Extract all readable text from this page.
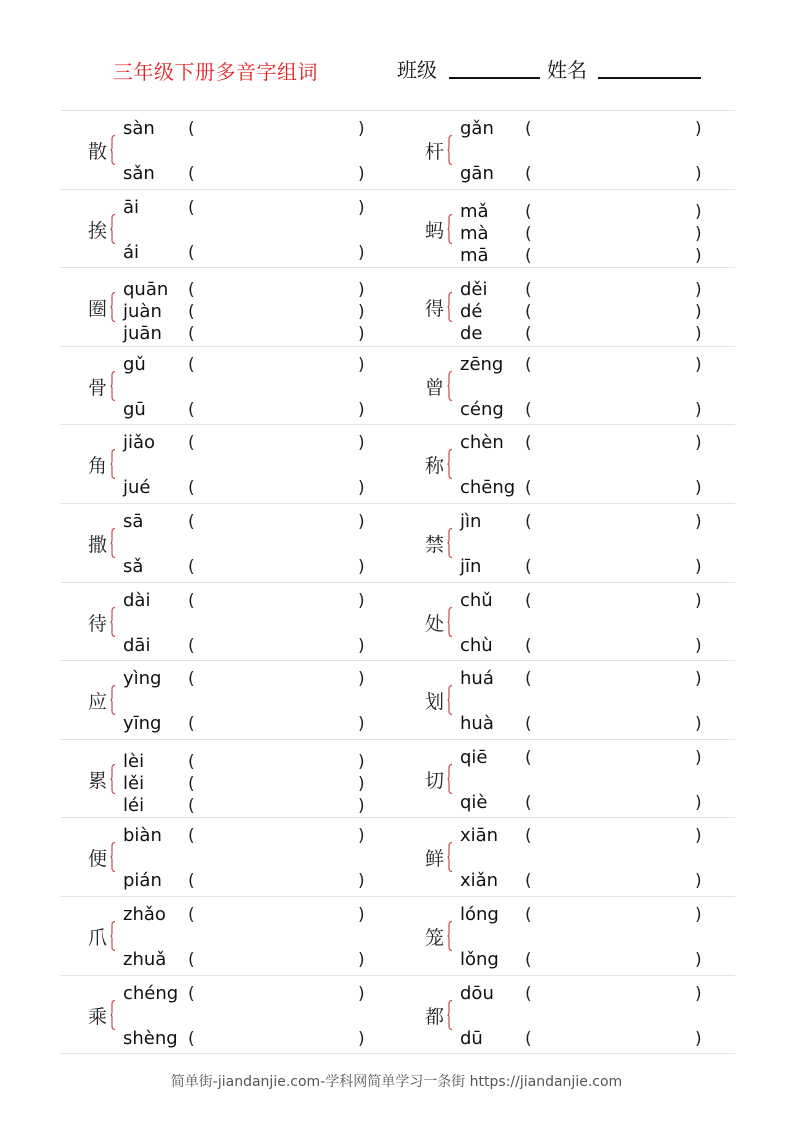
三年级下册多音字组词	班级	姓名
散
sàn (	)
sǎn (	)
杆
gǎn (	)
gān (	)
挨
āi	(	)
ái	(	)
蚂
mǎ (	)
mà (	)
mā (	)
圈
quān (	)
juàn (	)
juān (	)
得
děi (	)
dé	(	)
de	(	)
骨
gǔ (	)
gū (	)
曾
zēng (	)
céng (	)
角
jiǎo (	)
jué (	)
称
chèn (	)
chēng (	)
撒
sā	(	)
sǎ	(	)
禁
jìn	(	)
jīn	(	)
待
dài (	)
dāi (	)
处
chǔ (	)
chù (	)
应
yìng (	)
yīng (	)
划
huá (	)
huà (	)
累
lèi	(	)
lěi	(	)
léi	(	)
切
qiē (	)
qiè (	)
便
biàn (	)
pián (	)
鲜
xiān (	)
xiǎn (	)
爪
zhǎo (	)
zhuǎ (	)
笼
lóng (	)
lǒng (	)
乘
chéng (	)
shèng (	)
都
dōu (	)
dū (	)
简单街-jiandanjie.com-学科网简单学习一条街 https://jiandanjie.com
